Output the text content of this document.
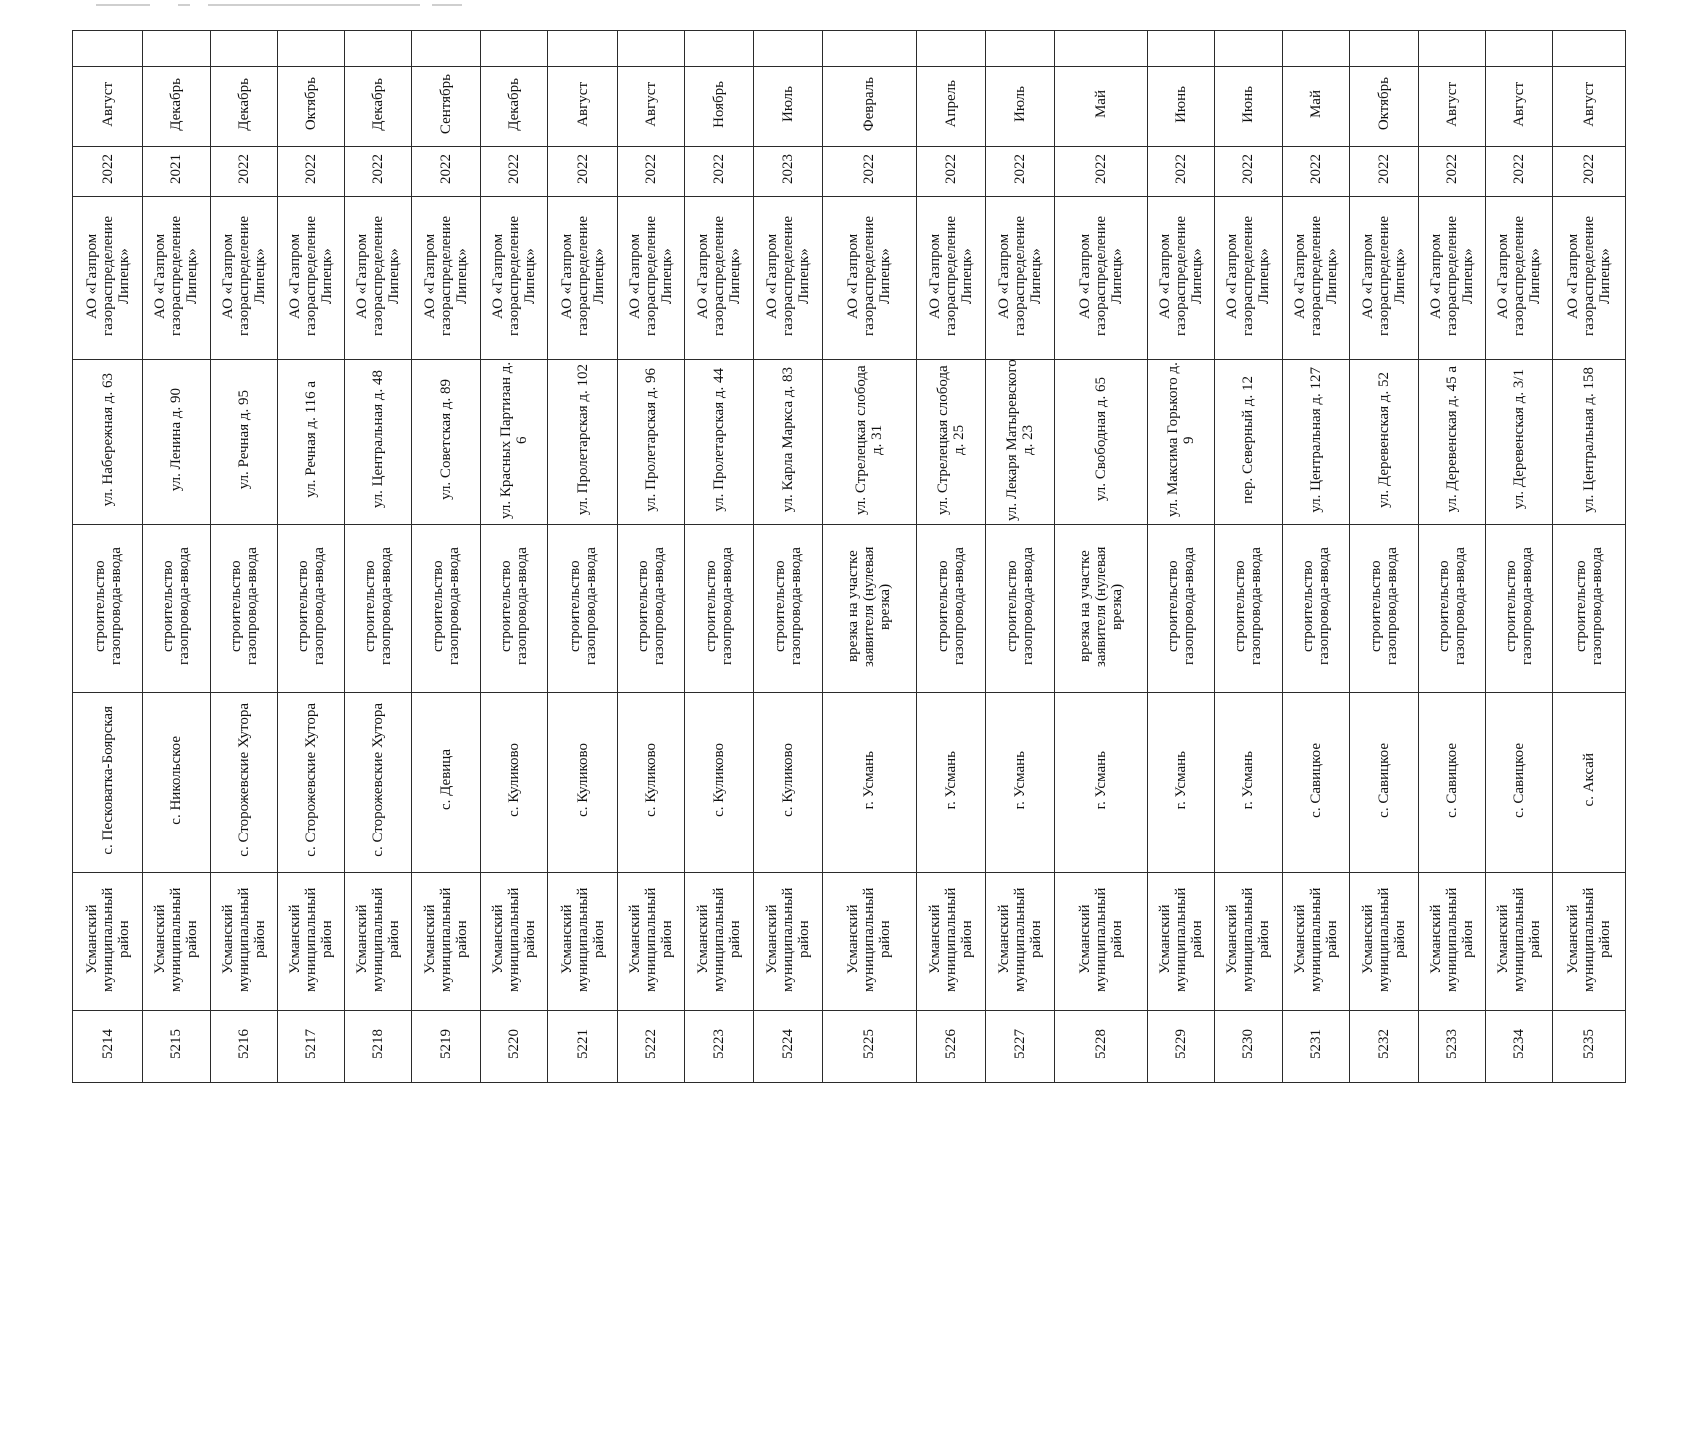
Август	Декабрь	Декабрь	Октябрь	Декабрь	Сентябрь	Декабрь	Август	Август	Ноябрь	Июль	Февраль	Апрель	Июль	Май	Июнь	Июнь	Май	Октябрь	Август	Август	Август
2022	2021	2022	2022	2022	2022	2022	2022	2022	2022	2023	2022	2022	2022	2022	2022	2022	2022	2022	2022	2022	2022
АО «Газпром газораспределение Липецк»	АО «Газпром газораспределение Липецк»	АО «Газпром газораспределение Липецк»	АО «Газпром газораспределение Липецк»	АО «Газпром газораспределение Липецк»	АО «Газпром газораспределение Липецк»	АО «Газпром газораспределение Липецк»	АО «Газпром газораспределение Липецк»	АО «Газпром газораспределение Липецк»	АО «Газпром газораспределение Липецк»	АО «Газпром газораспределение Липецк»	АО «Газпром газораспределение Липецк»	АО «Газпром газораспределение Липецк»	АО «Газпром газораспределение Липецк»	АО «Газпром газораспределение Липецк»	АО «Газпром газораспределение Липецк»	АО «Газпром газораспределение Липецк»	АО «Газпром газораспределение Липецк»	АО «Газпром газораспределение Липецк»	АО «Газпром газораспределение Липецк»	АО «Газпром газораспределение Липецк»	АО «Газпром газораспределение Липецк»
ул. Набережная д. 63	ул. Ленина д. 90	ул. Речная д. 95	ул. Речная д. 116 а	ул. Центральная д. 48	ул. Советская д. 89	ул. Красных Партизан д. 6	ул. Пролетарская д. 102	ул. Пролетарская д. 96	ул. Пролетарская д. 44	ул. Карла Маркса д. 83	ул. Стрелецкая слобода д. 31	ул. Стрелецкая слобода д. 25	ул. Лекаря Матыревского д. 23	ул. Свободная д. 65	ул. Максима Горького д. 9	пер. Северный д. 12	ул. Центральная д. 127	ул. Деревенская д. 52	ул. Деревенская д. 45 а	ул. Деревенская д. 3/1	ул. Центральная д. 158
строительство газопровода-ввода	строительство газопровода-ввода	строительство газопровода-ввода	строительство газопровода-ввода	строительство газопровода-ввода	строительство газопровода-ввода	строительство газопровода-ввода	строительство газопровода-ввода	строительство газопровода-ввода	строительство газопровода-ввода	строительство газопровода-ввода	врезка на участке заявителя (нулевая врезка)	строительство газопровода-ввода	строительство газопровода-ввода	врезка на участке заявителя (нулевая врезка)	строительство газопровода-ввода	строительство газопровода-ввода	строительство газопровода-ввода	строительство газопровода-ввода	строительство газопровода-ввода	строительство газопровода-ввода	строительство газопровода-ввода
с. Песковатка-Боярская	с. Никольское	с. Сторожевские Хутора	с. Сторожевские Хутора	с. Сторожевские Хутора	с. Девица	с. Куликово	с. Куликово	с. Куликово	с. Куликово	с. Куликово	г. Усмань	г. Усмань	г. Усмань	г. Усмань	г. Усмань	г. Усмань	с. Савицкое	с. Савицкое	с. Савицкое	с. Савицкое	с. Аксай
Усманский муниципальный район	Усманский муниципальный район	Усманский муниципальный район	Усманский муниципальный район	Усманский муниципальный район	Усманский муниципальный район	Усманский муниципальный район	Усманский муниципальный район	Усманский муниципальный район	Усманский муниципальный район	Усманский муниципальный район	Усманский муниципальный район	Усманский муниципальный район	Усманский муниципальный район	Усманский муниципальный район	Усманский муниципальный район	Усманский муниципальный район	Усманский муниципальный район	Усманский муниципальный район	Усманский муниципальный район	Усманский муниципальный район	Усманский муниципальный район
5214	5215	5216	5217	5218	5219	5220	5221	5222	5223	5224	5225	5226	5227	5228	5229	5230	5231	5232	5233	5234	5235
